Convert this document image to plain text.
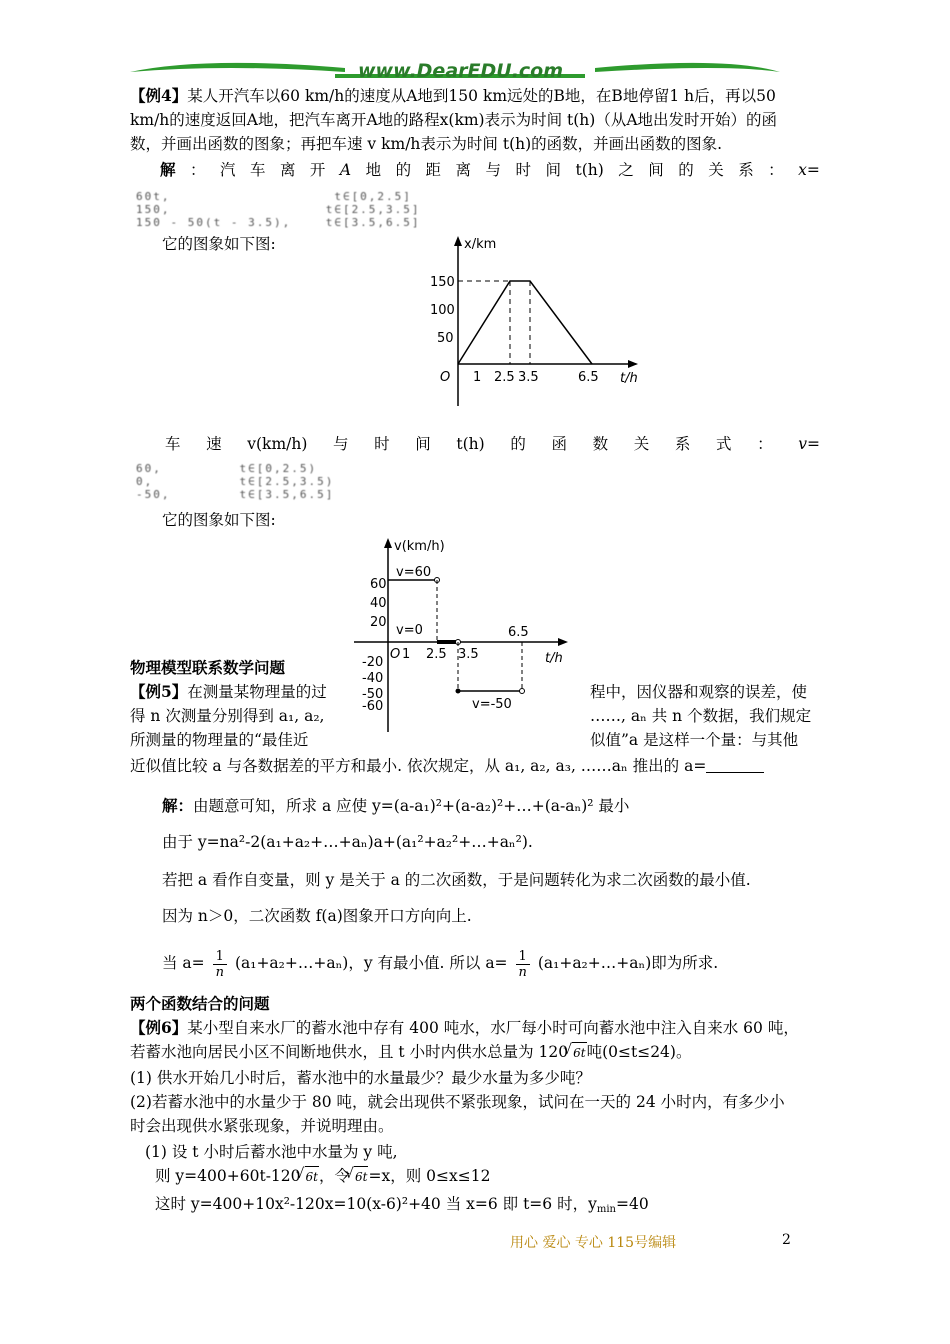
www.DearEDU.com
【例4】某人开汽车以60 km/h的速度从A地到150 km远处的B地，在B地停留1 h后，再以50
km/h的速度返回A地，把汽车离开A地的路程x(km)表示为时间 t(h)（从A地出发时开始）的函
数，并画出函数的图象；再把车速 v km/h表示为时间 t(h)的函数，并画出函数的图象.
解 ： 汽 车 离 开 A 地 的 距 离 与 时 间 t(h) 之 间 的 关 系 ： x=
60t,                   t∈[0,2.5]
150,                  t∈[2.5,3.5]
150 - 50(t - 3.5),    t∈[3.5,6.5]
它的图象如下图:	x/km
t/h
O
150
100
50
1 2.5 3.5	6.5
车 速 v(km/h) 与 时 间 t(h) 的 函 数 关 系 式 ： v=
60,         t∈[0,2.5)
0,          t∈[2.5,3.5)
-50,        t∈[3.5,6.5]
它的图象如下图:
v(km/h)
t/h
O
60
40
20
-20
-40
-50
-60
1 2.5 3.5
6.5
v=60
v=0
v=-50
物理模型联系数学问题
【例5】在测量某物理量的过	程中，因仪器和观察的误差，使
得 n 次测量分别得到 a₁, a₂,	……, aₙ 共 n 个数据，我们规定
所测量的物理量的“最佳近	似值”a 是这样一个量：与其他
近似值比较 a 与各数据差的平方和最小. 依次规定，从 a₁, a₂, a₃, ……aₙ 推出的 a=
解：由题意可知，所求 a 应使 y=(a-a₁)²+(a-a₂)²+…+(a-aₙ)² 最小
由于 y=na²-2(a₁+a₂+…+aₙ)a+(a₁²+a₂²+…+aₙ²).
若把 a 看作自变量，则 y 是关于 a 的二次函数，于是问题转化为求二次函数的最小值.
因为 n＞0，二次函数 f(a)图象开口方向向上.
当 $a= \frac{1}{n}$ (a₁+a₂+…+aₙ)，y 有最小值. 所以 $a= \frac{1}{n}$ (a₁+a₂+…+aₙ)即为所求.
两个函数结合的问题
【例6】某小型自来水厂的蓄水池中存有 400 吨水，水厂每小时可向蓄水池中注入自来水 60 吨，
若蓄水池向居民小区不间断地供水，且 t 小时内供水总量为 120 √ 6t吨(0≤t≤24)。
(1) 供水开始几小时后，蓄水池中的水量最少？最少水量为多少吨？
(2)若蓄水池中的水量少于 80 吨，就会出现供不紧张现象，试问在一天的 24 小时内，有多少小
时会出现供水紧张现象，并说明理由。
(1) 设 t 小时后蓄水池中水量为 y 吨,
则 y=400+60t-120 √ 6t，令 √ 6t=x，则 0≤x≤12
这时 y=400+10x²-120x=10(x-6)²+40 当 x=6 即 t=6 时，$y_{min}=40$
用心 爱心 专心 115号编辑	2
